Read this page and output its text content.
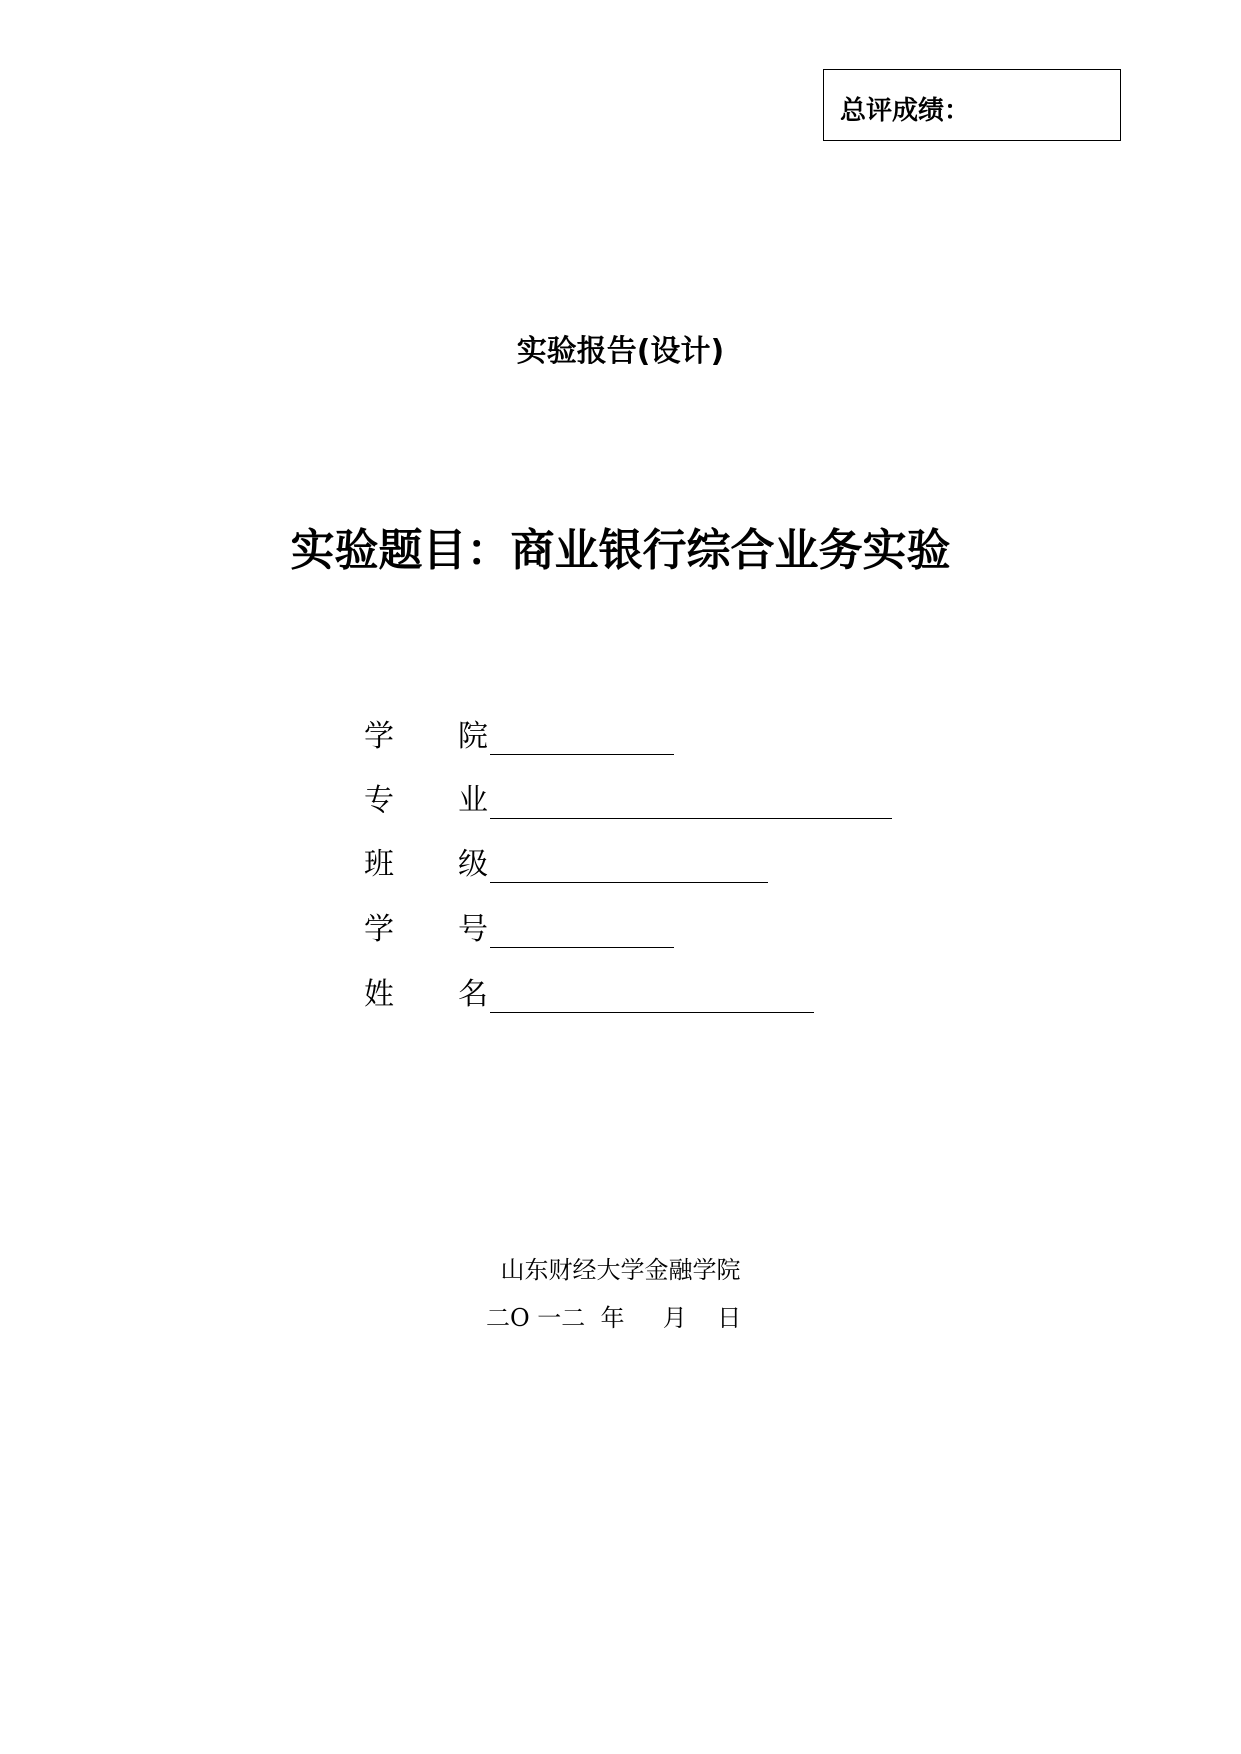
总评成绩：
实验报告(设计)
实验题目：商业银行综合业务实验
学	院
专	业
班	级
学	号
姓	名
山东财经大学金融学院
二O 一二  年     月    日
